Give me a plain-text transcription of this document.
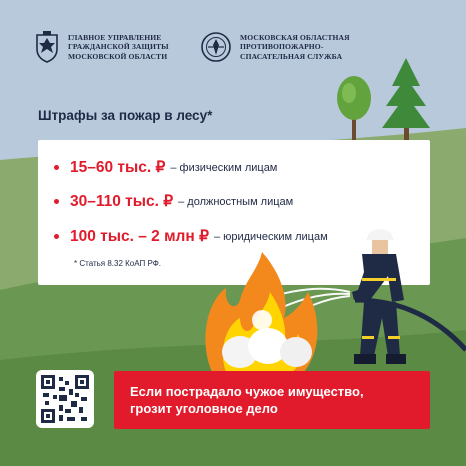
ГЛАВНОЕ УПРАВЛЕНИЕ
ГРАЖДАНСКОЙ ЗАЩИТЫ
МОСКОВСКОЙ ОБЛАСТИ
МОСКОВСКАЯ ОБЛАСТНАЯ
ПРОТИВОПОЖАРНО-
СПАСАТЕЛЬНАЯ СЛУЖБА
Штрафы за пожар в лесу*
15–60 тыс. ₽ – физическим лицам
30–110 тыс. ₽ – должностным лицам
100 тыс. – 2 млн ₽ – юридическим лицам
* Статья 8.32 КоАП РФ.
Если пострадало чужое имущество,
грозит уголовное дело
